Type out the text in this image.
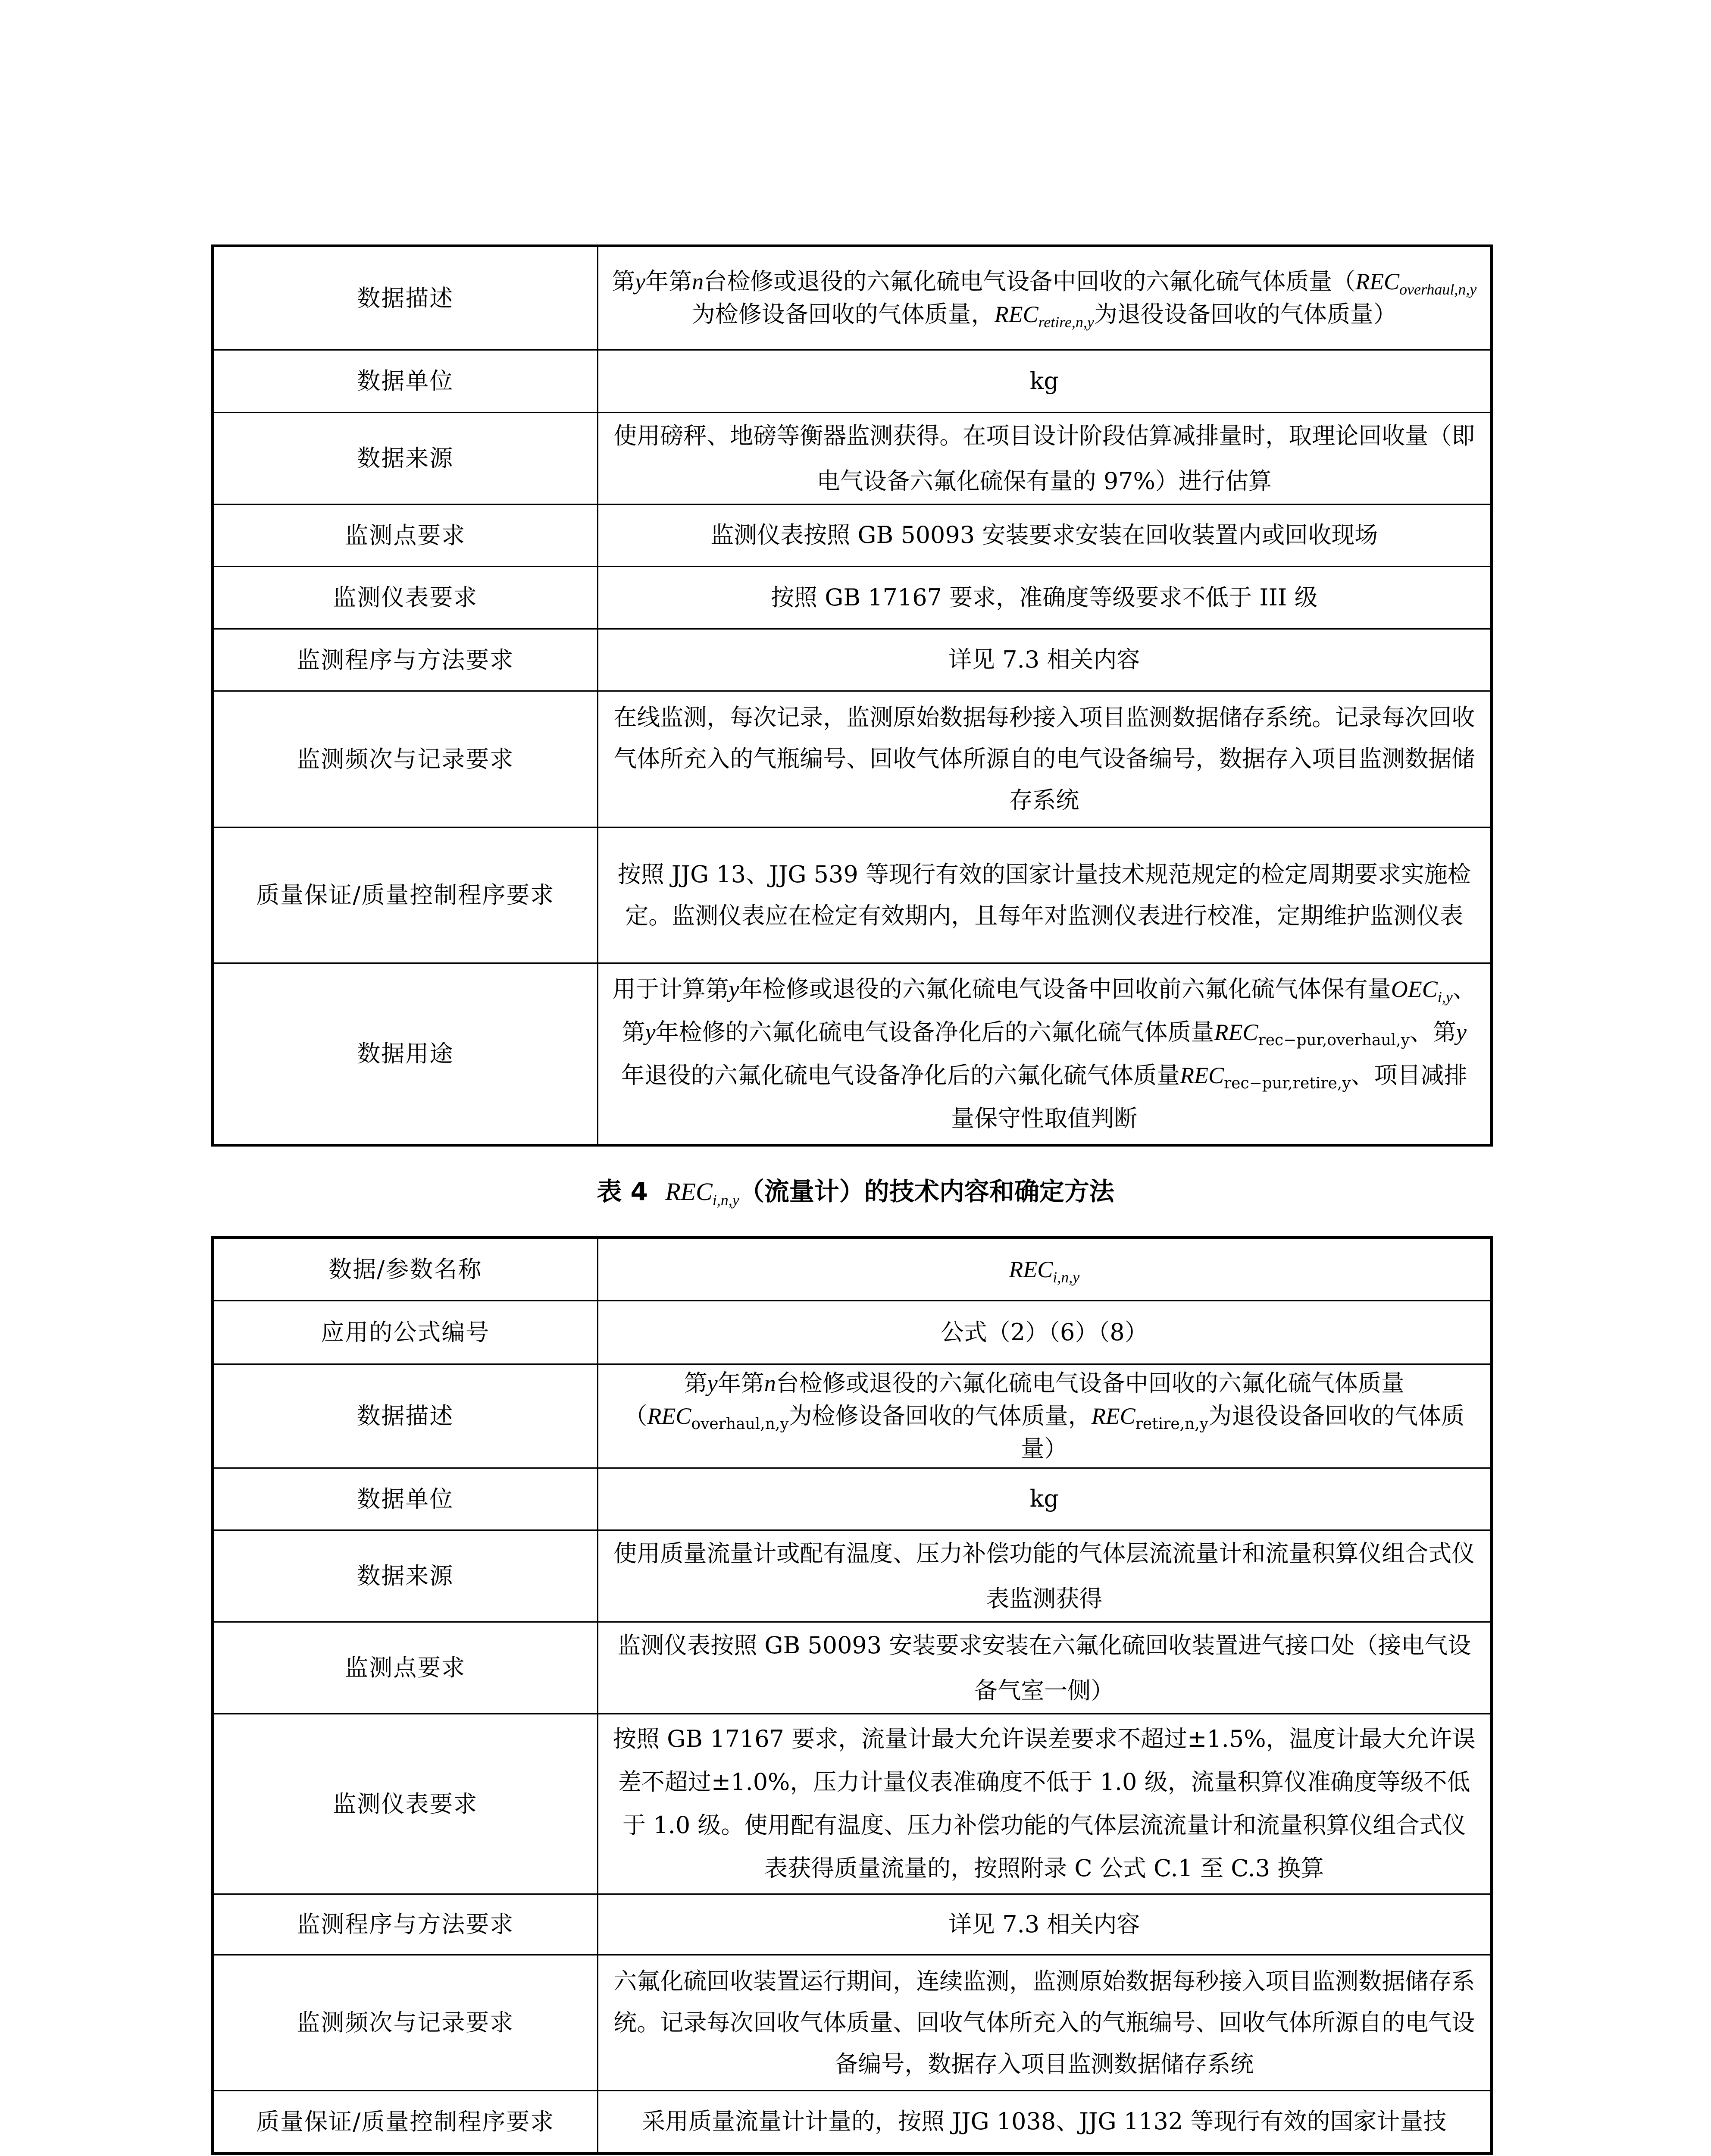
数据描述	第y年第n台检修或退役的六氟化硫电气设备中回收的六氟化硫气体质量（$REC_{overhaul,n,y}$为检修设备回收的气体质量，$REC_{retire,n,y}$为退役设备回收的气体质量）
数据单位	kg
数据来源	使用磅秤、地磅等衡器监测获得。在项目设计阶段估算减排量时，取理论回收量（即电气设备六氟化硫保有量的 97%）进行估算
监测点要求	监测仪表按照 GB 50093 安装要求安装在回收装置内或回收现场
监测仪表要求	按照 GB 17167 要求，准确度等级要求不低于 III 级
监测程序与方法要求	详见 7.3 相关内容
监测频次与记录要求	在线监测，每次记录，监测原始数据每秒接入项目监测数据储存系统。记录每次回收气体所充入的气瓶编号、回收气体所源自的电气设备编号，数据存入项目监测数据储存系统
质量保证/质量控制程序要求	按照 JJG 13、JJG 539 等现行有效的国家计量技术规范规定的检定周期要求实施检定。监测仪表应在检定有效期内，且每年对监测仪表进行校准，定期维护监测仪表
数据用途	用于计算第y年检修或退役的六氟化硫电气设备中回收前六氟化硫气体保有量$OEC_{i,y}$、第y年检修的六氟化硫电气设备净化后的六氟化硫气体质量$REC_{rec-pur,overhaul,y}$、第y年退役的六氟化硫电气设备净化后的六氟化硫气体质量$REC_{rec-pur,retire,y}$、项目减排量保守性取值判断
表 4 $REC_{i,n,y}$（流量计）的技术内容和确定方法
数据/参数名称	$REC_{i,n,y}$
应用的公式编号	公式（2）（6）（8）
数据描述	第y年第n台检修或退役的六氟化硫电气设备中回收的六氟化硫气体质量（$REC_{overhaul,n,y}$为检修设备回收的气体质量，$REC_{retire,n,y}$为退役设备回收的气体质量）
数据单位	kg
数据来源	使用质量流量计或配有温度、压力补偿功能的气体层流流量计和流量积算仪组合式仪表监测获得
监测点要求	监测仪表按照 GB 50093 安装要求安装在六氟化硫回收装置进气接口处（接电气设备气室一侧）
监测仪表要求	按照 GB 17167 要求，流量计最大允许误差要求不超过±1.5%，温度计最大允许误差不超过±1.0%，压力计量仪表准确度不低于 1.0 级，流量积算仪准确度等级不低于 1.0 级。使用配有温度、压力补偿功能的气体层流流量计和流量积算仪组合式仪表获得质量流量的，按照附录 C 公式 C.1 至 C.3 换算
监测程序与方法要求	详见 7.3 相关内容
监测频次与记录要求	六氟化硫回收装置运行期间，连续监测，监测原始数据每秒接入项目监测数据储存系统。记录每次回收气体质量、回收气体所充入的气瓶编号、回收气体所源自的电气设备编号，数据存入项目监测数据储存系统
质量保证/质量控制程序要求	采用质量流量计计量的，按照 JJG 1038、JJG 1132 等现行有效的国家计量技
